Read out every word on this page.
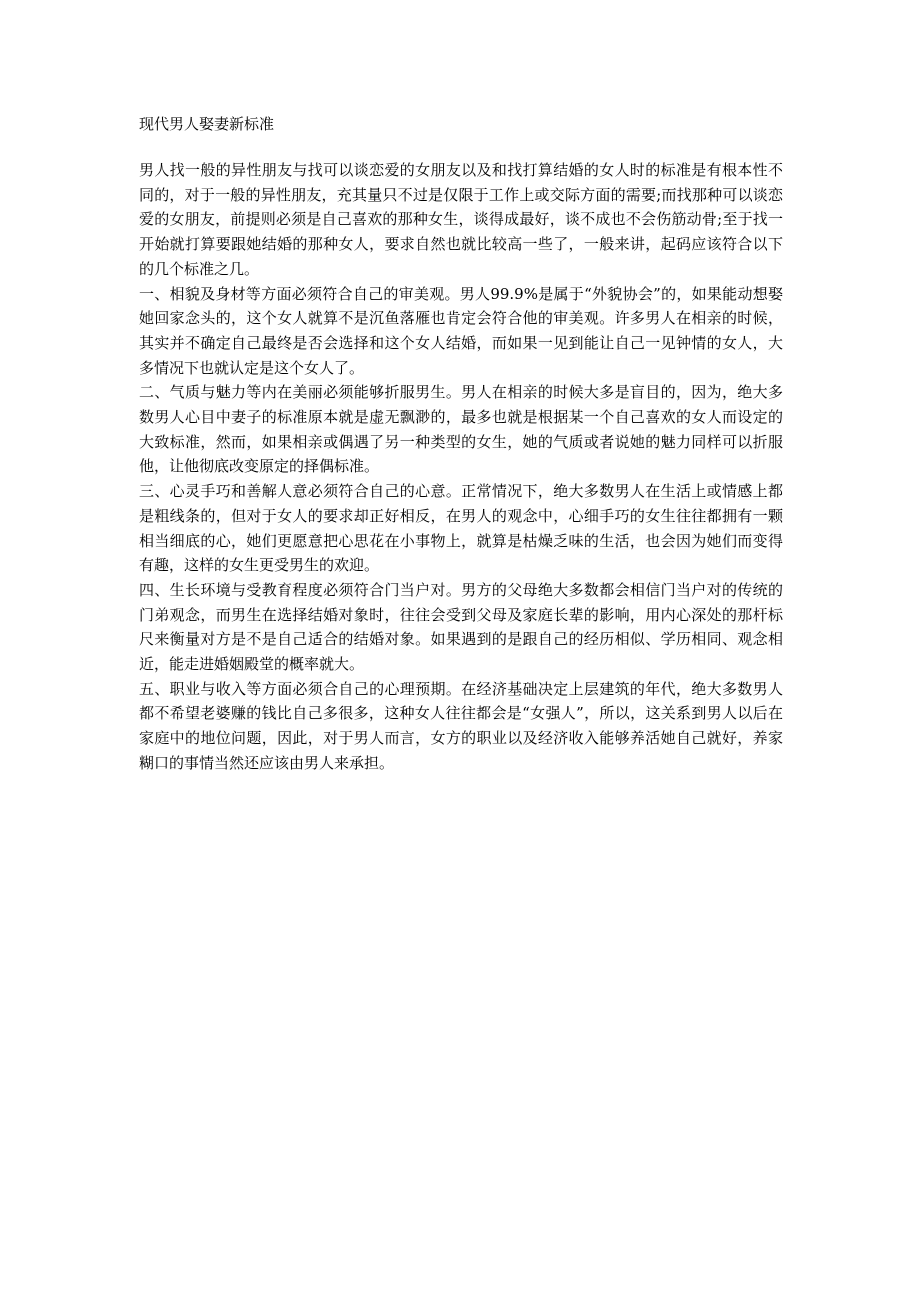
现代男人娶妻新标准

男人找一般的异性朋友与找可以谈恋爱的女朋友以及和找打算结婚的女人时的标准是有根本性不同的，对于一般的异性朋友，充其量只不过是仅限于工作上或交际方面的需要;而找那种可以谈恋爱的女朋友，前提则必须是自己喜欢的那种女生，谈得成最好，谈不成也不会伤筋动骨;至于找一开始就打算要跟她结婚的那种女人，要求自然也就比较高一些了，一般来讲，起码应该符合以下的几个标准之几。

一、相貌及身材等方面必须符合自己的审美观。男人99.9%是属于“外貌协会”的，如果能动想娶她回家念头的，这个女人就算不是沉鱼落雁也肯定会符合他的审美观。许多男人在相亲的时候，其实并不确定自己最终是否会选择和这个女人结婚，而如果一见到能让自己一见钟情的女人，大多情况下也就认定是这个女人了。

二、气质与魅力等内在美丽必须能够折服男生。男人在相亲的时候大多是盲目的，因为，绝大多数男人心目中妻子的标准原本就是虚无飘渺的，最多也就是根据某一个自己喜欢的女人而设定的大致标准，然而，如果相亲或偶遇了另一种类型的女生，她的气质或者说她的魅力同样可以折服他，让他彻底改变原定的择偶标准。

三、心灵手巧和善解人意必须符合自己的心意。正常情况下，绝大多数男人在生活上或情感上都是粗线条的，但对于女人的要求却正好相反，在男人的观念中，心细手巧的女生往往都拥有一颗相当细底的心，她们更愿意把心思花在小事物上，就算是枯燥乏味的生活，也会因为她们而变得有趣，这样的女生更受男生的欢迎。

四、生长环境与受教育程度必须符合门当户对。男方的父母绝大多数都会相信门当户对的传统的门弟观念，而男生在选择结婚对象时，往往会受到父母及家庭长辈的影响，用内心深处的那杆标尺来衡量对方是不是自己适合的结婚对象。如果遇到的是跟自己的经历相似、学历相同、观念相近，能走进婚姻殿堂的概率就大。

五、职业与收入等方面必须合自己的心理预期。在经济基础决定上层建筑的年代，绝大多数男人都不希望老婆赚的钱比自己多很多，这种女人往往都会是“女强人”，所以，这关系到男人以后在家庭中的地位问题，因此，对于男人而言，女方的职业以及经济收入能够养活她自己就好，养家糊口的事情当然还应该由男人来承担。
